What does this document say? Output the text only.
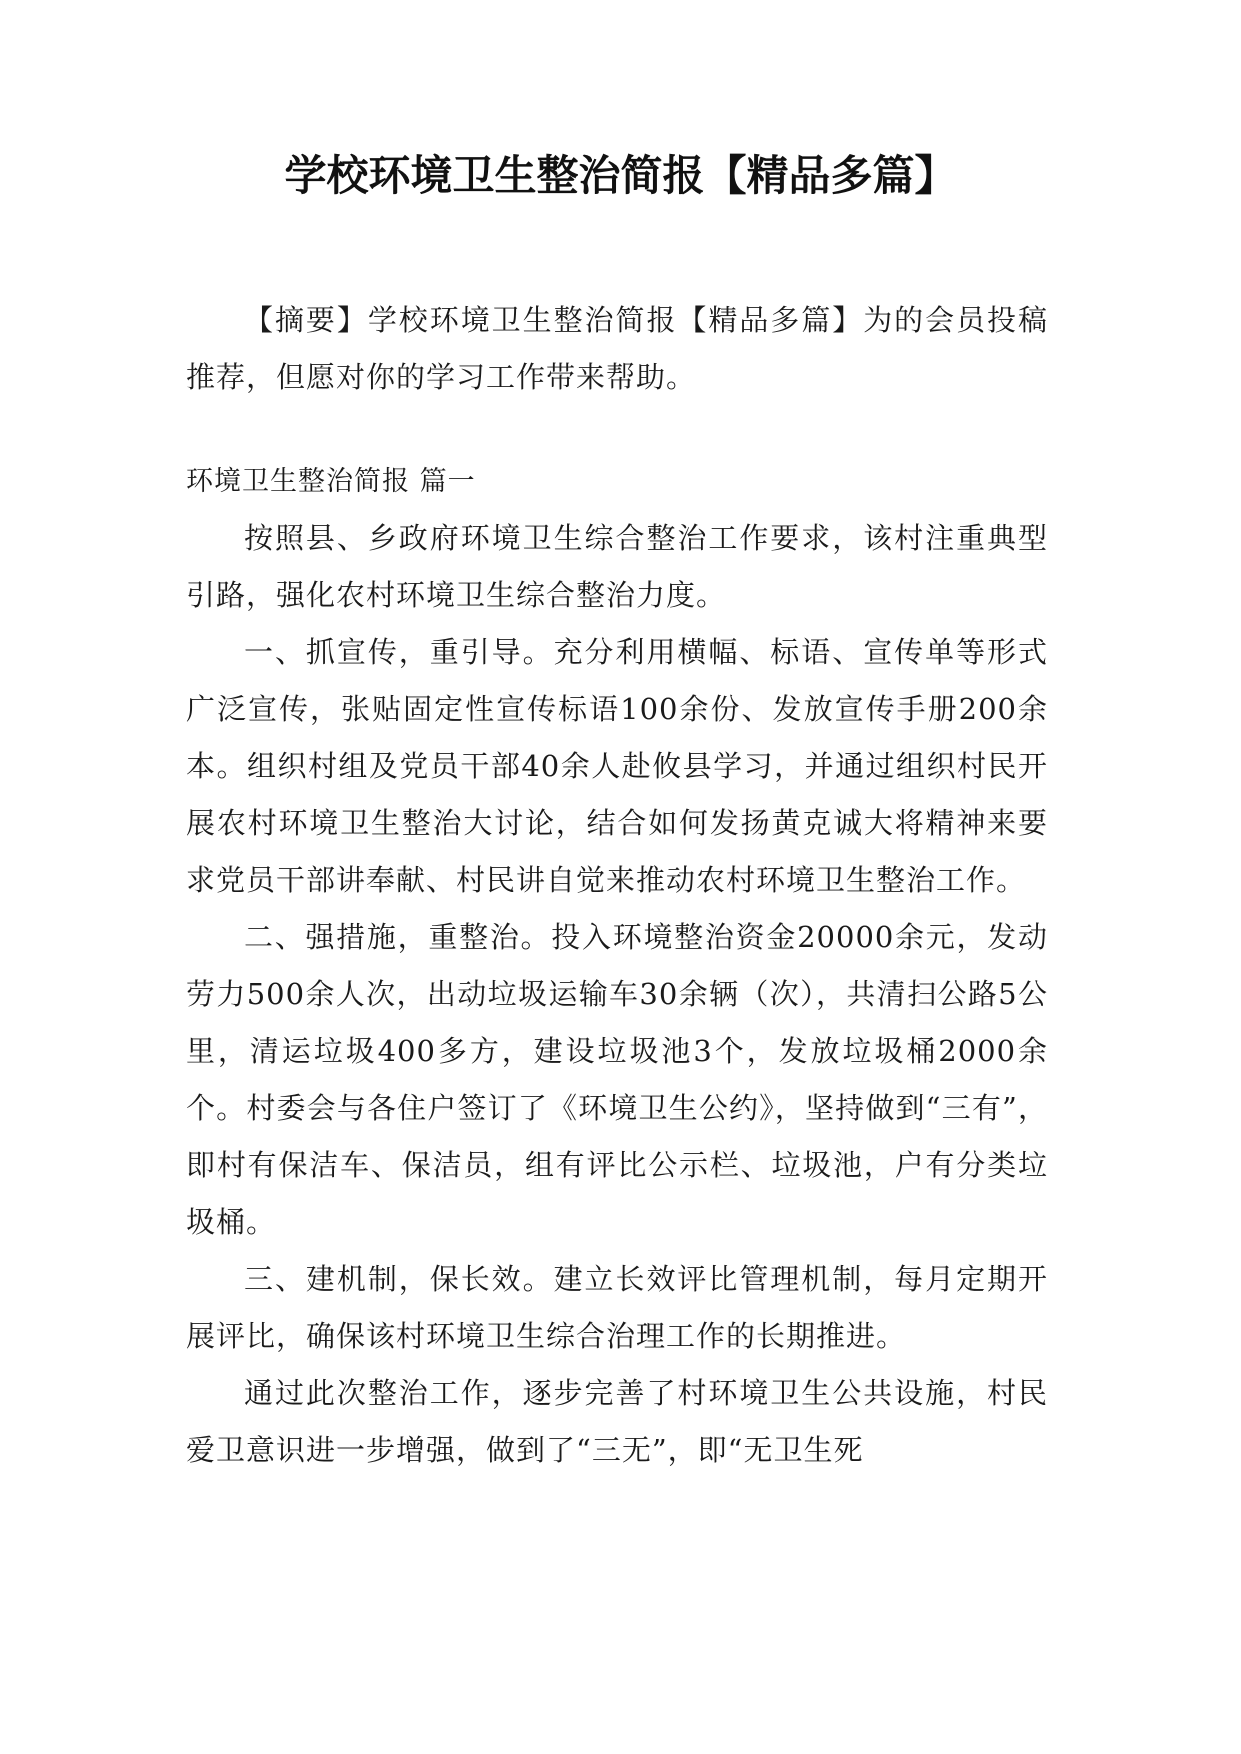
学校环境卫生整治简报【精品多篇】

【摘要】学校环境卫生整治简报【精品多篇】为的会员投稿推荐，但愿对你的学习工作带来帮助。

环境卫生整治简报 篇一

按照县、乡政府环境卫生综合整治工作要求，该村注重典型引路，强化农村环境卫生综合整治力度。

一、抓宣传，重引导。充分利用横幅、标语、宣传单等形式广泛宣传，张贴固定性宣传标语100余份、发放宣传手册200余本。组织村组及党员干部40余人赴攸县学习，并通过组织村民开展农村环境卫生整治大讨论，结合如何发扬黄克诚大将精神来要求党员干部讲奉献、村民讲自觉来推动农村环境卫生整治工作。

二、强措施，重整治。投入环境整治资金20000余元，发动劳力500余人次，出动垃圾运输车30余辆（次），共清扫公路5公里，清运垃圾400多方，建设垃圾池3个，发放垃圾桶2000余个。村委会与各住户签订了《环境卫生公约》，坚持做到“三有”，即村有保洁车、保洁员，组有评比公示栏、垃圾池，户有分类垃圾桶。

三、建机制，保长效。建立长效评比管理机制，每月定期开展评比，确保该村环境卫生综合治理工作的长期推进。

通过此次整治工作，逐步完善了村环境卫生公共设施，村民爱卫意识进一步增强，做到了“三无”，即“无卫生死
